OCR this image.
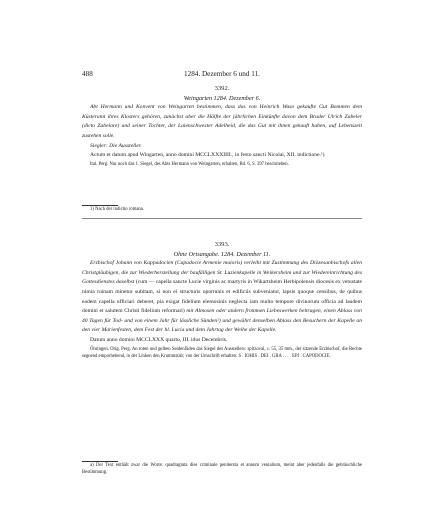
488	1284. Dezember 6 und 11.
3392.
Weingarten 1284. Dezember 6.

Abt Hermann und Konvent von Weingarten bestimmen, dass das von Heinrich Waso gekaufte Gut Bommen dem Küsteramt ihres Klosters gehören, zunächst aber die Hälfte der jährlichen Einkünfte davon dem Bruder Ulrich Zabeler (dicto Zabelare) und seiner Tochter, der Laienschwester Adelheid, die das Gut mit ihnen gekauft haben, auf Lebenszeit zustehen solle.

Siegler: Die Aussteller.

Actum et datum apud Wingarten, anno domini MCCLXXXIIII., in festo sancti Nicolai, XII. indictione.¹)

Ital. Perg. Nur noch das 1. Siegel, des Abts Hermann von Weingarten, erhalten, Bd. 6, S. 397 beschrieben.

1) Nach der indictio romana.

3393.
Ohne Ortsangabe. 1284. Dezember 11.

Erzbischof Johann von Kappadocien (Capadocie Armenie maioris) verleiht mit Zustimmung des Diözesanbischofs allen Christgläubigen, die zur Wiederherstellung der baufälligen St. Luzienkapelle in Weikersheim und zur Wiedereinrichtung des Gottesdienstes daselbst (cum — capella sancte Lucie virginis ac martyris in Wikartsheim Herbipolensis diocesis ex vetustate nimia ruinam minetur subitam, si non ei structuris oportunis et edificiis subveniatur, lapsis quoque censibus, de quibus eadem capella officiari deberet, pia exigat fidelium elemosinis neglecta iam multo tempore divinorum officia ad laudem domini et salutem Christi fidelium reformari) mit Almosen oder andern frommen Liebeswerken beitragen, einen Ablass von 40 Tagen für Tod- und von einem Jahr für lässliche Sünden²) und gewährt denselben Ablass den Besuchern der Kapelle an den vier Marienfesten, dem Fest der hl. Lucia und dem Jahrtag der Weihe der Kapelle.

Datum anno domini MCCLXXX quarto, III. idus Decembris.

Öhringen. Orig. Perg. An roten und gelben Seidenfäden das Siegel des Ausstellers: spitzoval, c. 55, 35 mm., der sitzende Erzbischof, die Rechte segnend emporhebend, in der Linken den Krummstab; von der Umschrift erhalten: S . IOHIS . DEI . GRA . . . . EPI . CAPODOCIE.

a) Der Text enthält zwar die Worte: quadraginta dies criminale penitentia et annum venialium, meint aber jedenfalls die gebräuchliche Bestimmung.
